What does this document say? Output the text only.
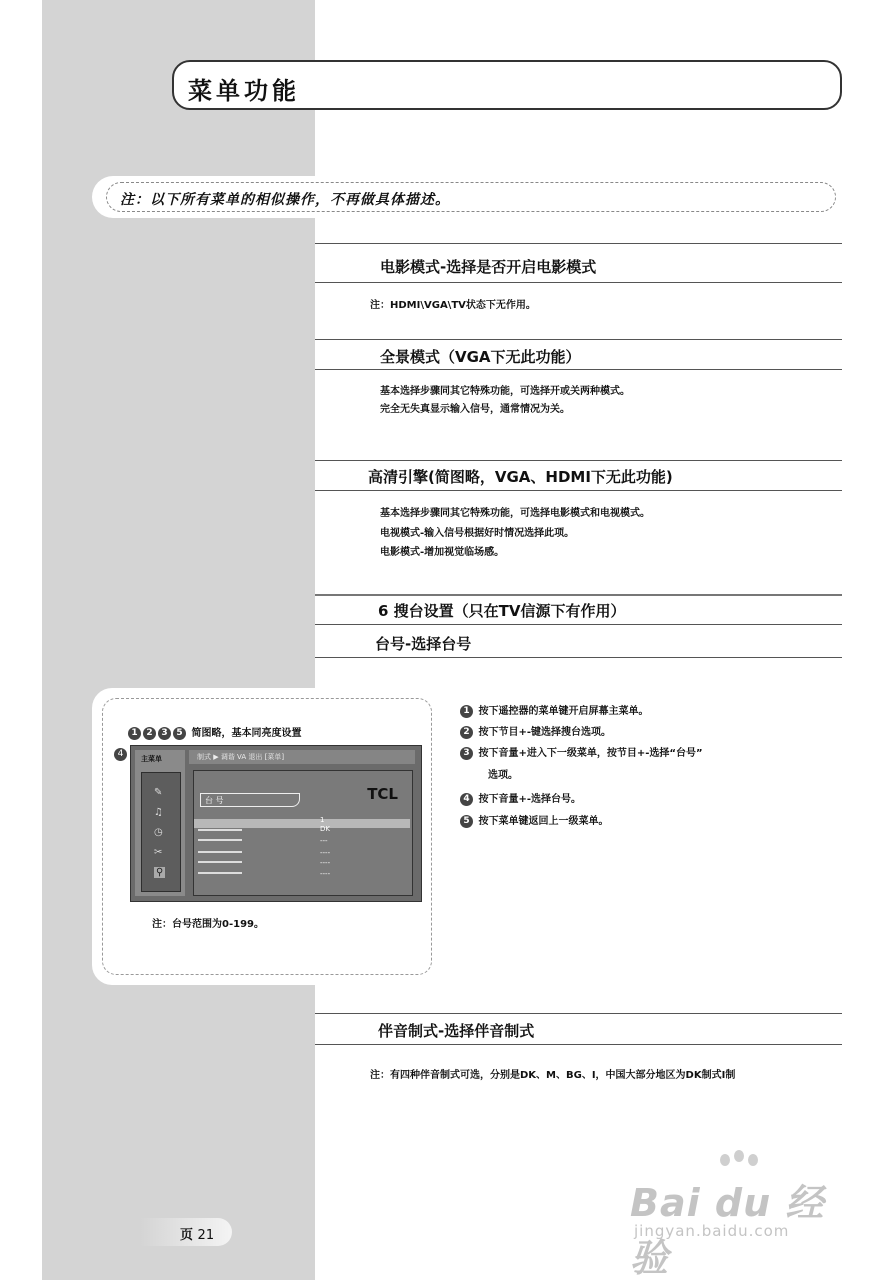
菜单功能
注：以下所有菜单的相似操作，不再做具体描述。
电影模式-选择是否开启电影模式
注：HDMI\VGA\TV状态下无作用。
全景模式（VGA下无此功能）
基本选择步骤同其它特殊功能，可选择开或关两种模式。
完全无失真显示输入信号，通常情况为关。
高清引擎(简图略，VGA、HDMI下无此功能)
基本选择步骤同其它特殊功能，可选择电影模式和电视模式。
电视模式-输入信号根据好时情况选择此项。
电影模式-增加视觉临场感。
6 搜台设置（只在TV信源下有作用）
台号-选择台号
1 2 3 5 简图略，基本同亮度设置
4	主菜单
✎
♫
◷
✂
⚲
制式 ▶ 调谐 VA 退出 [菜单]
TCL
台 号
1
DK
---
----
----
----
注：台号范围为0-199。
1 按下遥控器的菜单键开启屏幕主菜单。
2 按下节目+-键选择搜台选项。
3 按下音量+进入下一级菜单，按节目+-选择“台号”
选项。
4 按下音量+-选择台号。
5 按下菜单键返回上一级菜单。
伴音制式-选择伴音制式
注：有四种伴音制式可选，分别是DK、M、BG、I，中国大部分地区为DK制式I制
页 21
Bai du 经验
jingyan.baidu.com
